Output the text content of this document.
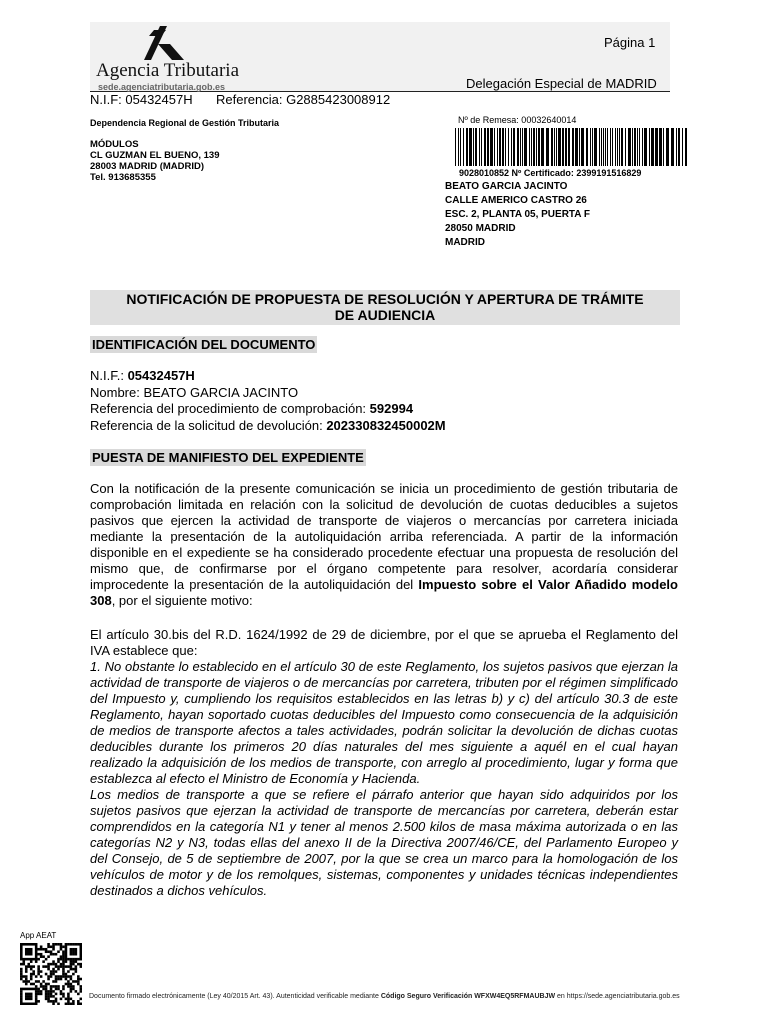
Agencia Tributaria
sede.agenciatributaria.gob.es
Página 1
Delegación Especial de MADRID
N.I.F: 05432457H Referencia: G2885423008912
Dependencia Regional de Gestión Tributaria
MÓDULOS
CL GUZMAN EL BUENO, 139
28003 MADRID (MADRID)
Tel. 913685355
Nº de Remesa: 00032640014
9028010852 Nº Certificado: 2399191516829
BEATO GARCIA JACINTO
CALLE AMERICO CASTRO 26
ESC. 2, PLANTA 05, PUERTA F
28050 MADRID
MADRID
NOTIFICACIÓN DE PROPUESTA DE RESOLUCIÓN Y APERTURA DE TRÁMITE
DE AUDIENCIA
IDENTIFICACIÓN DEL DOCUMENTO
N.I.F.: 05432457H
Nombre: BEATO GARCIA JACINTO
Referencia del procedimiento de comprobación: 592994
Referencia de la solicitud de devolución: 202330832450002M
PUESTA DE MANIFIESTO DEL EXPEDIENTE
Con la notificación de la presente comunicación se inicia un procedimiento de gestión tributaria de comprobación limitada en relación con la solicitud de devolución de cuotas deducibles a sujetos pasivos que ejercen la actividad de transporte de viajeros o mercancías por carretera iniciada mediante la presentación de la autoliquidación arriba referenciada. A partir de la información disponible en el expediente se ha considerado procedente efectuar una propuesta de resolución del mismo que, de confirmarse por el órgano competente para resolver, acordaría considerar improcedente la presentación de la autoliquidación del Impuesto sobre el Valor Añadido modelo 308, por el siguiente motivo:
El artículo 30.bis del R.D. 1624/1992 de 29 de diciembre, por el que se aprueba el Reglamento del IVA establece que:
1. No obstante lo establecido en el artículo 30 de este Reglamento, los sujetos pasivos que ejerzan la actividad de transporte de viajeros o de mercancías por carretera, tributen por el régimen simplificado del Impuesto y, cumpliendo los requisitos establecidos en las letras b) y c) del artículo 30.3 de este Reglamento, hayan soportado cuotas deducibles del Impuesto como consecuencia de la adquisición de medios de transporte afectos a tales actividades, podrán solicitar la devolución de dichas cuotas deducibles durante los primeros 20 días naturales del mes siguiente a aquél en el cual hayan realizado la adquisición de los medios de transporte, con arreglo al procedimiento, lugar y forma que establezca al efecto el Ministro de Economía y Hacienda.
Los medios de transporte a que se refiere el párrafo anterior que hayan sido adquiridos por los sujetos pasivos que ejerzan la actividad de transporte de mercancías por carretera, deberán estar comprendidos en la categoría N1 y tener al menos 2.500 kilos de masa máxima autorizada o en las categorías N2 y N3, todas ellas del anexo II de la Directiva 2007/46/CE, del Parlamento Europeo y del Consejo, de 5 de septiembre de 2007, por la que se crea un marco para la homologación de los vehículos de motor y de los remolques, sistemas, componentes y unidades técnicas independientes destinados a dichos vehículos.
App AEAT
Documento firmado electrónicamente (Ley 40/2015 Art. 43). Autenticidad verificable mediante Código Seguro Verificación WFXW4EQ5RFMAUBJW en https://sede.agenciatributaria.gob.es
